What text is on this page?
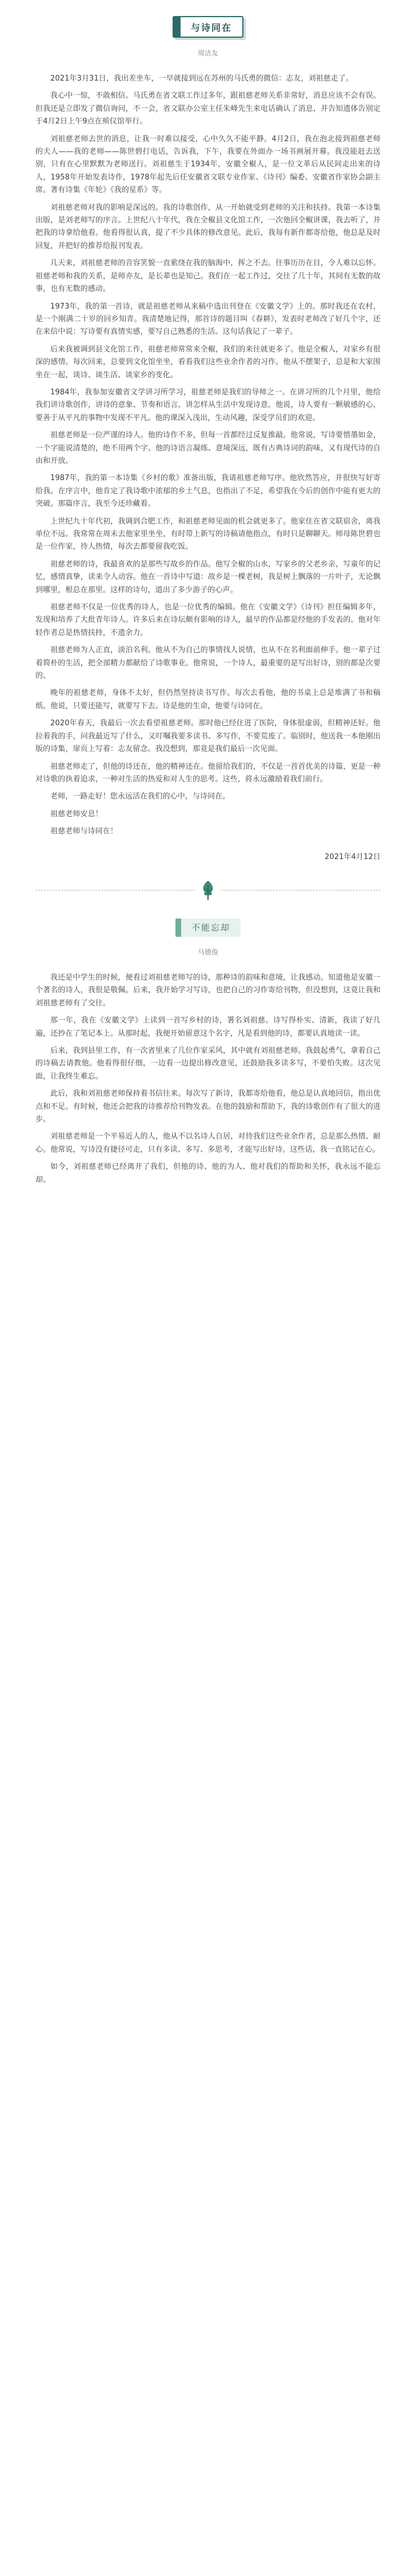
与诗同在
周洁友

2021年3月31日，我出差坐车，一早就接到远在苏州的马氏勇的微信：志友，刘祖慈走了。

我心中一惊，不敢相信。马氏勇在省文联工作过多年，跟祖慈老师关系非常好，消息应该不会有误。但我还是立即发了微信询问，不一会，省文联办公室主任朱峰先生来电话确认了消息，并告知遗体告别定于4月2日上午9点在殡仪馆举行。

刘祖慈老师去世的消息，让我一时难以接受，心中久久不能平静。4月2日，我在泡北接到祖慈老师的夫人——我的老师——陈世碧打电话，告诉我，下午，我要在外面办一场书画展开幕。我没能赶去送别，只有在心里默默为老师送行。刘祖慈生于1934年，安徽全椒人，是一位文革后从民间走出来的诗人，1958年开始发表诗作，1978年起先后任安徽省文联专业作家、《诗刊》编委、安徽省作家协会副主席。著有诗集《年轮》《我的星系》等。

刘祖慈老师对我的影响是深远的。我的诗歌创作，从一开始就受到老师的关注和扶持。我第一本诗集出版，是刘老师写的序言。上世纪八十年代，我在全椒县文化馆工作，一次他回全椒讲课，我去听了，并把我的诗拿给他看。他看得很认真，提了不少具体的修改意见。此后，我每有新作都寄给他，他总是及时回复，并把好的推荐给报刊发表。

几天来，刘祖慈老师的音容笑貌一直萦绕在我的脑海中，挥之不去。往事历历在目，令人难以忘怀。祖慈老师和我的关系，是师亦友，是长辈也是知己。我们在一起工作过，交往了几十年，其间有无数的故事，也有无数的感动。

1973年，我的第一首诗，就是祖慈老师从来稿中选出刊登在《安徽文学》上的。那时我还在农村，是一个刚满二十岁的回乡知青。我清楚地记得，那首诗的题目叫《春耕》，发表时老师改了好几个字，还在来信中说：写诗要有真情实感，要写自己熟悉的生活。这句话我记了一辈子。

后来我被调到县文化馆工作，祖慈老师常常来全椒，我们的来往就更多了。他是全椒人，对家乡有很深的感情。每次回来，总要到文化馆坐坐，看看我们这些业余作者的习作。他从不摆架子，总是和大家围坐在一起，谈诗、谈生活、谈家乡的变化。

1984年，我参加安徽省文学讲习所学习，祖慈老师是我们的导师之一。在讲习所的几个月里，他给我们讲诗歌创作，讲诗的意象、节奏和语言，讲怎样从生活中发现诗意。他说，诗人要有一颗敏感的心，要善于从平凡的事物中发现不平凡。他的课深入浅出，生动风趣，深受学员们的欢迎。

祖慈老师是一位严谨的诗人。他的诗作不多，但每一首都经过反复推敲。他常说，写诗要惜墨如金，一个字能说清楚的，绝不用两个字。他的诗语言凝练、意境深远，既有古典诗词的韵味，又有现代诗的自由和开放。

1987年，我的第一本诗集《乡村的歌》准备出版，我请祖慈老师写序。他欣然答应，并很快写好寄给我。在序言中，他肯定了我诗歌中浓郁的乡土气息，也指出了不足，希望我在今后的创作中能有更大的突破。那篇序言，我至今还珍藏着。

上世纪九十年代初，我调到合肥工作，和祖慈老师见面的机会就更多了。他家住在省文联宿舍，离我单位不远。我常常在周末去他家里坐坐，有时带上新写的诗稿请他指点，有时只是聊聊天。师母陈世碧也是一位作家，待人热情，每次去都要留我吃饭。

祖慈老师的诗，我最喜欢的是那些写故乡的作品。他写全椒的山水，写家乡的父老乡亲，写童年的记忆，感情真挚，读来令人动容。他在一首诗中写道：故乡是一棵老树，我是树上飘落的一片叶子，无论飘到哪里，根总在那里。这样的诗句，道出了多少游子的心声。

祖慈老师不仅是一位优秀的诗人，也是一位优秀的编辑。他在《安徽文学》《诗刊》担任编辑多年，发现和培养了大批青年诗人。许多后来在诗坛颇有影响的诗人，最早的作品都是经他的手发表的。他对年轻作者总是热情扶持，不遗余力。

祖慈老师为人正直，淡泊名利。他从不为自己的事情找人说情，也从不在名利面前伸手。他一辈子过着简朴的生活，把全部精力都献给了诗歌事业。他常说，一个诗人，最重要的是写出好诗，别的都是次要的。

晚年的祖慈老师，身体不太好，但仍然坚持读书写作。每次去看他，他的书桌上总是堆满了书和稿纸。他说，只要还能写，就要写下去。诗是他的生命，他要与诗同在。

2020年春天，我最后一次去看望祖慈老师。那时他已经住进了医院，身体很虚弱，但精神还好。他拉着我的手，问我最近写了什么，又叮嘱我要多读书、多写作，不要荒废了。临别时，他送我一本他刚出版的诗集，扉页上写着：志友留念。我没想到，那竟是我们最后一次见面。

祖慈老师走了，但他的诗还在，他的精神还在。他留给我们的，不仅是一首首优美的诗篇，更是一种对诗歌的执着追求，一种对生活的热爱和对人生的思考。这些，将永远激励着我们前行。

老师，一路走好！您永远活在我们的心中，与诗同在。

祖慈老师安息！

祖慈老师与诗同在！

2021年4月12日

不能忘却
马德俊

我还是中学生的时候，便看过刘祖慈老师写的诗，那种诗的韵味和意境，让我感动。知道他是安徽一个著名的诗人，我很是敬佩。后来，我开始学习写诗，也把自己的习作寄给刊物，但没想到，这竟让我和刘祖慈老师有了交往。

那一年，我在《安徽文学》上读到一首写乡村的诗，署名刘祖慈。诗写得朴实、清新，我读了好几遍，还抄在了笔记本上。从那时起，我便开始留意这个名字，凡是看到他的诗，都要认真地读一读。

后来，我到县里工作，有一次省里来了几位作家采风，其中就有刘祖慈老师。我鼓起勇气，拿着自己的诗稿去请教他。他看得很仔细，一边看一边提出修改意见，还鼓励我多读多写，不要怕失败。这次见面，让我终生难忘。

此后，我和刘祖慈老师保持着书信往来。每次写了新诗，我都寄给他看，他总是认真地回信，指出优点和不足。有时候，他还会把我的诗推荐给刊物发表。在他的鼓励和帮助下，我的诗歌创作有了很大的进步。

刘祖慈老师是一个平易近人的人，他从不以名诗人自居，对待我们这些业余作者，总是那么热情、耐心。他常说，写诗没有捷径可走，只有多读、多写、多思考，才能写出好诗。这些话，我一直铭记在心。

如今，刘祖慈老师已经离开了我们，但他的诗、他的为人、他对我们的帮助和关怀，我永远不能忘却。
